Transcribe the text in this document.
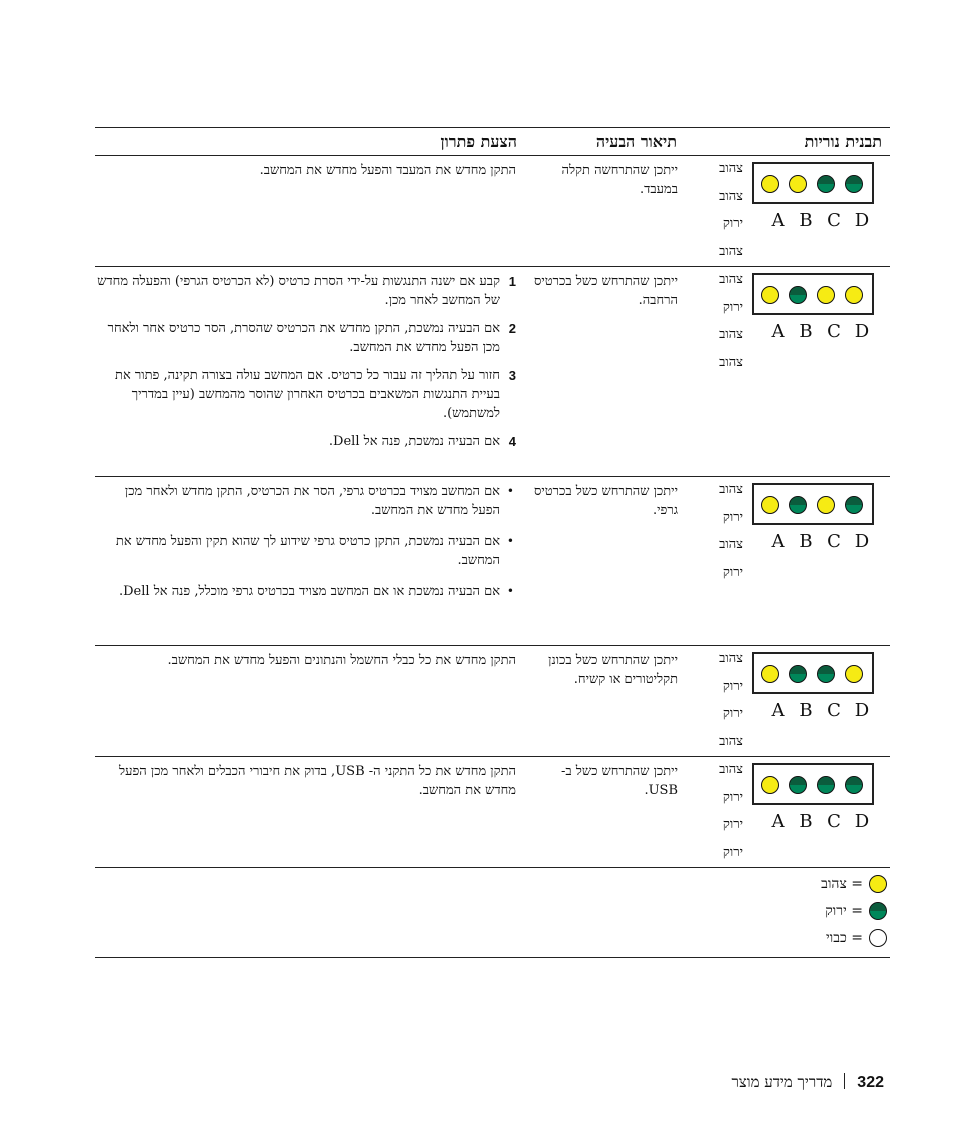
תבנית נוריות
תיאור הבעיה
הצעת פתרון
צהוב
צהוב
ירוק
צהוב
A B C D
ייתכן שהתרחשה תקלה במעבד.
התקן מחדש את המעבד והפעל מחדש את המחשב.
צהוב
ירוק
צהוב
צהוב
A B C D
ייתכן שהתרחש כשל בכרטיס הרחבה.
1
קבע אם ישנה התנגשות על-ידי הסרת כרטיס (לא הכרטיס הגרפי) והפעלה מחדש של המחשב לאחר מכן.
2
אם הבעיה נמשכת, התקן מחדש את הכרטיס שהסרת, הסר כרטיס אחר ולאחר מכן הפעל מחדש את המחשב.
3
חזור על תהליך זה עבור כל כרטיס. אם המחשב עולה בצורה תקינה, פתור את בעיית התנגשות המשאבים בכרטיס האחרון שהוסר מהמחשב (עיין במדריך למשתמש).
4
אם הבעיה נמשכת, פנה אל Dell.
צהוב
ירוק
צהוב
ירוק
A B C D
ייתכן שהתרחש כשל בכרטיס גרפי.
•
אם המחשב מצויד בכרטיס גרפי, הסר את הכרטיס, התקן מחדש ולאחר מכן הפעל מחדש את המחשב.
•
אם הבעיה נמשכת, התקן כרטיס גרפי שידוע לך שהוא תקין והפעל מחדש את המחשב.
•
אם הבעיה נמשכת או אם המחשב מצויד בכרטיס גרפי מוכלל, פנה אל Dell.
צהוב
ירוק
ירוק
צהוב
A B C D
ייתכן שהתרחש כשל בכונן תקליטורים או קשיח.
התקן מחדש את כל כבלי החשמל והנתונים והפעל מחדש את המחשב.
צהוב
ירוק
ירוק
ירוק
A B C D
ייתכן שהתרחש כשל ב- USB.
התקן מחדש את כל התקני ה- USB, בדוק את חיבורי הכבלים ולאחר מכן הפעל מחדש את המחשב.
= צהוב
= ירוק
= כבוי
322מדריך מידע מוצר
